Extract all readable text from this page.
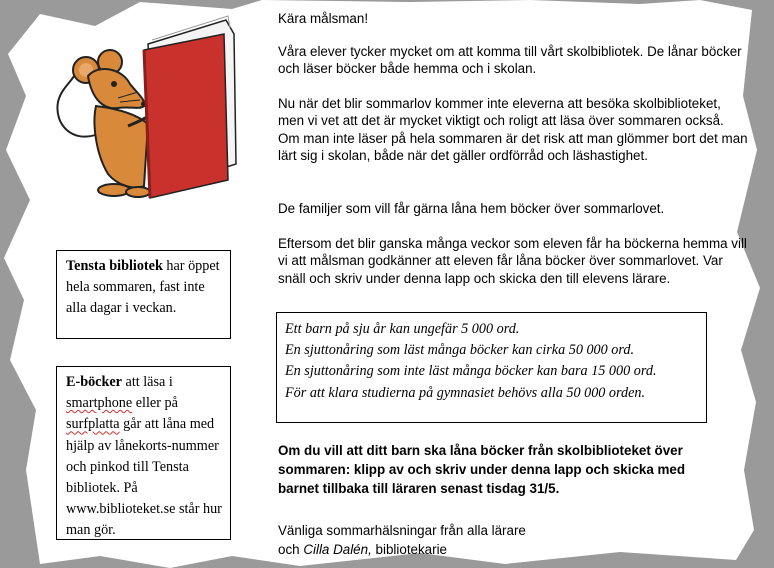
Kära målsman!

Våra elever tycker mycket om att komma till vårt skolbibliotek. De lånar böcker och läser böcker både hemma och i skolan.

Nu när det blir sommarlov kommer inte eleverna att besöka skolbiblioteket, men vi vet att det är mycket viktigt och roligt att läsa över sommaren också. Om man inte läser på hela sommaren är det risk att man glömmer bort det man lärt sig i skolan, både när det gäller ordförråd och läshastighet.

De familjer som vill får gärna låna hem böcker över sommarlovet.

Eftersom det blir ganska många veckor som eleven får ha böckerna hemma vill vi att målsman godkänner att eleven får låna böcker över sommarlovet. Var snäll och skriv under denna lapp och skicka den till elevens lärare.

Ett barn på sju år kan ungefär 5 000 ord.

En sjuttonåring som läst många böcker kan cirka 50 000 ord.

En sjuttonåring som inte läst många böcker kan bara 15 000 ord.

För att klara studierna på gymnasiet behövs alla 50 000 orden.

Om du vill att ditt barn ska låna böcker från skolbiblioteket över sommaren: klipp av och skriv under denna lapp och skicka med barnet tillbaka till läraren senast tisdag 31/5.

Vänliga sommarhälsningar från alla lärare

och Cilla Dalén, bibliotekarie

Tensta bibliotek har öppet hela sommaren, fast inte alla dagar i veckan.

E-böcker att läsa i smartphone eller på surfplatta går att låna med hjälp av lånekorts-nummer och pinkod till Tensta bibliotek. På www.biblioteket.se står hur man gör.
